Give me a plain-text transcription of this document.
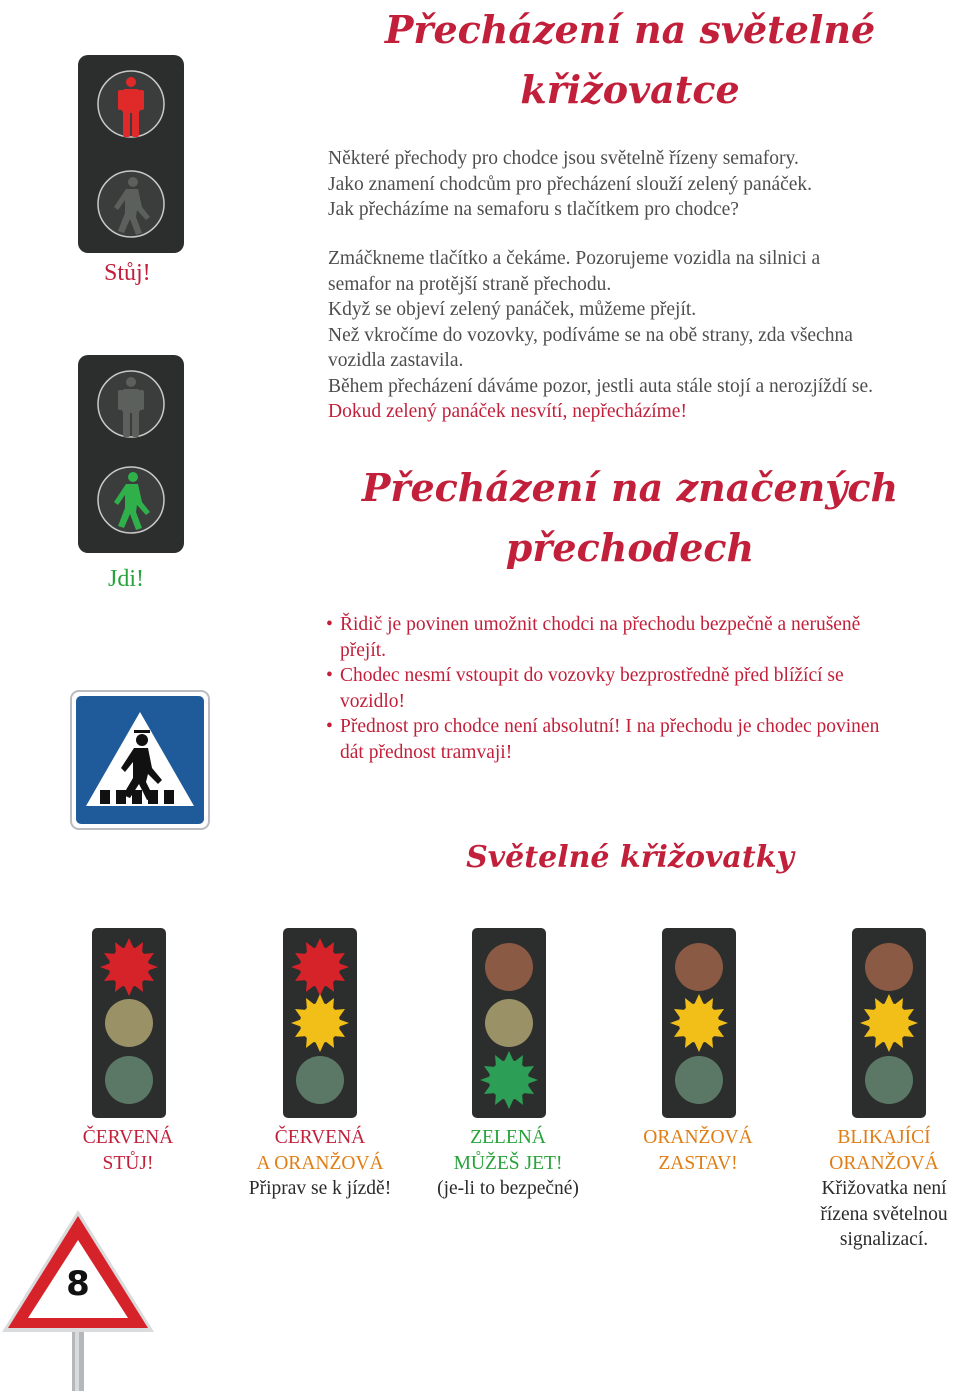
Přecházení na světelné
křižovatce
Stůj!
Jdi!
Některé přechody pro chodce jsou světelně řízeny semafory.
Jako znamení chodcům pro přecházení slouží zelený panáček.
Jak přecházíme na semaforu s tlačítkem pro chodce?
Zmáčkneme tlačítko a čekáme. Pozorujeme vozidla na silnici a
semafor na protější straně přechodu.
Když se objeví zelený panáček, můžeme přejít.
Než vkročíme do vozovky, podíváme se na obě strany, zda všechna
vozidla zastavila.
Během přecházení dáváme pozor, jestli auta stále stojí a nerozjíždí se.
Dokud zelený panáček nesvítí, nepřecházíme!
Přecházení na značených
přechodech
• Řidič je povinen umožnit chodci na přechodu bezpečně a nerušeně
přejít.
• Chodec nesmí vstoupit do vozovky bezprostředně před blížící se
vozidlo!
• Přednost pro chodce není absolutní! I na přechodu je chodec povinen
dát přednost tramvaji!
Světelné křižovatky
ČERVENÁ
STŮJ!
ČERVENÁ
A ORANŽOVÁ
Připrav se k jízdě!
ZELENÁ
MŮŽEŠ JET!
(je-li to bezpečné)
ORANŽOVÁ
ZASTAV!
BLIKAJÍCÍ
ORANŽOVÁ
Křižovatka není
řízena světelnou
signalizací.
8
